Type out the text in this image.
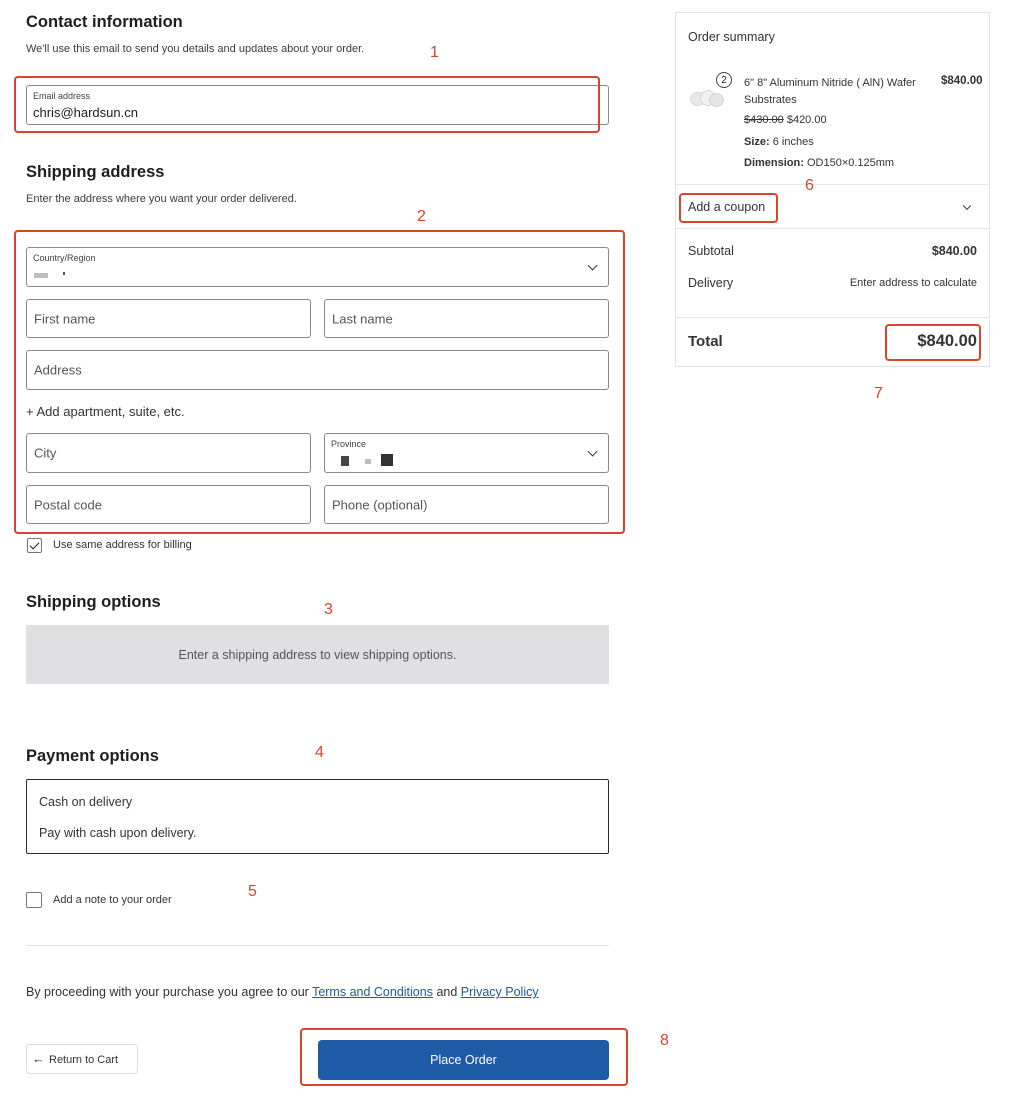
Contact information
We'll use this email to send you details and updates about your order.
Email address
chris@hardsun.cn
Shipping address
Enter the address where you want your order delivered.
Country/Region
First name	Last name
Address
+ Add apartment, suite, etc.
City
Province
Postal code	Phone (optional)
Use same address for billing
Shipping options
Enter a shipping address to view shipping options.
Payment options
Cash on delivery
Pay with cash upon delivery.
Add a note to your order
By proceeding with your purchase you agree to our Terms and Conditions and Privacy Policy
← Return to Cart	Place Order
Order summary
2	6" 8" Aluminum Nitride ( AlN) Wafer Substrates
$840.00
$430.00 $420.00
Size: 6 inches
Dimension: OD150×0.125mm
Add a coupon
Subtotal	$840.00
Delivery	Enter address to calculate
Total	$840.00
1
2
3
4
5
6
7
8
